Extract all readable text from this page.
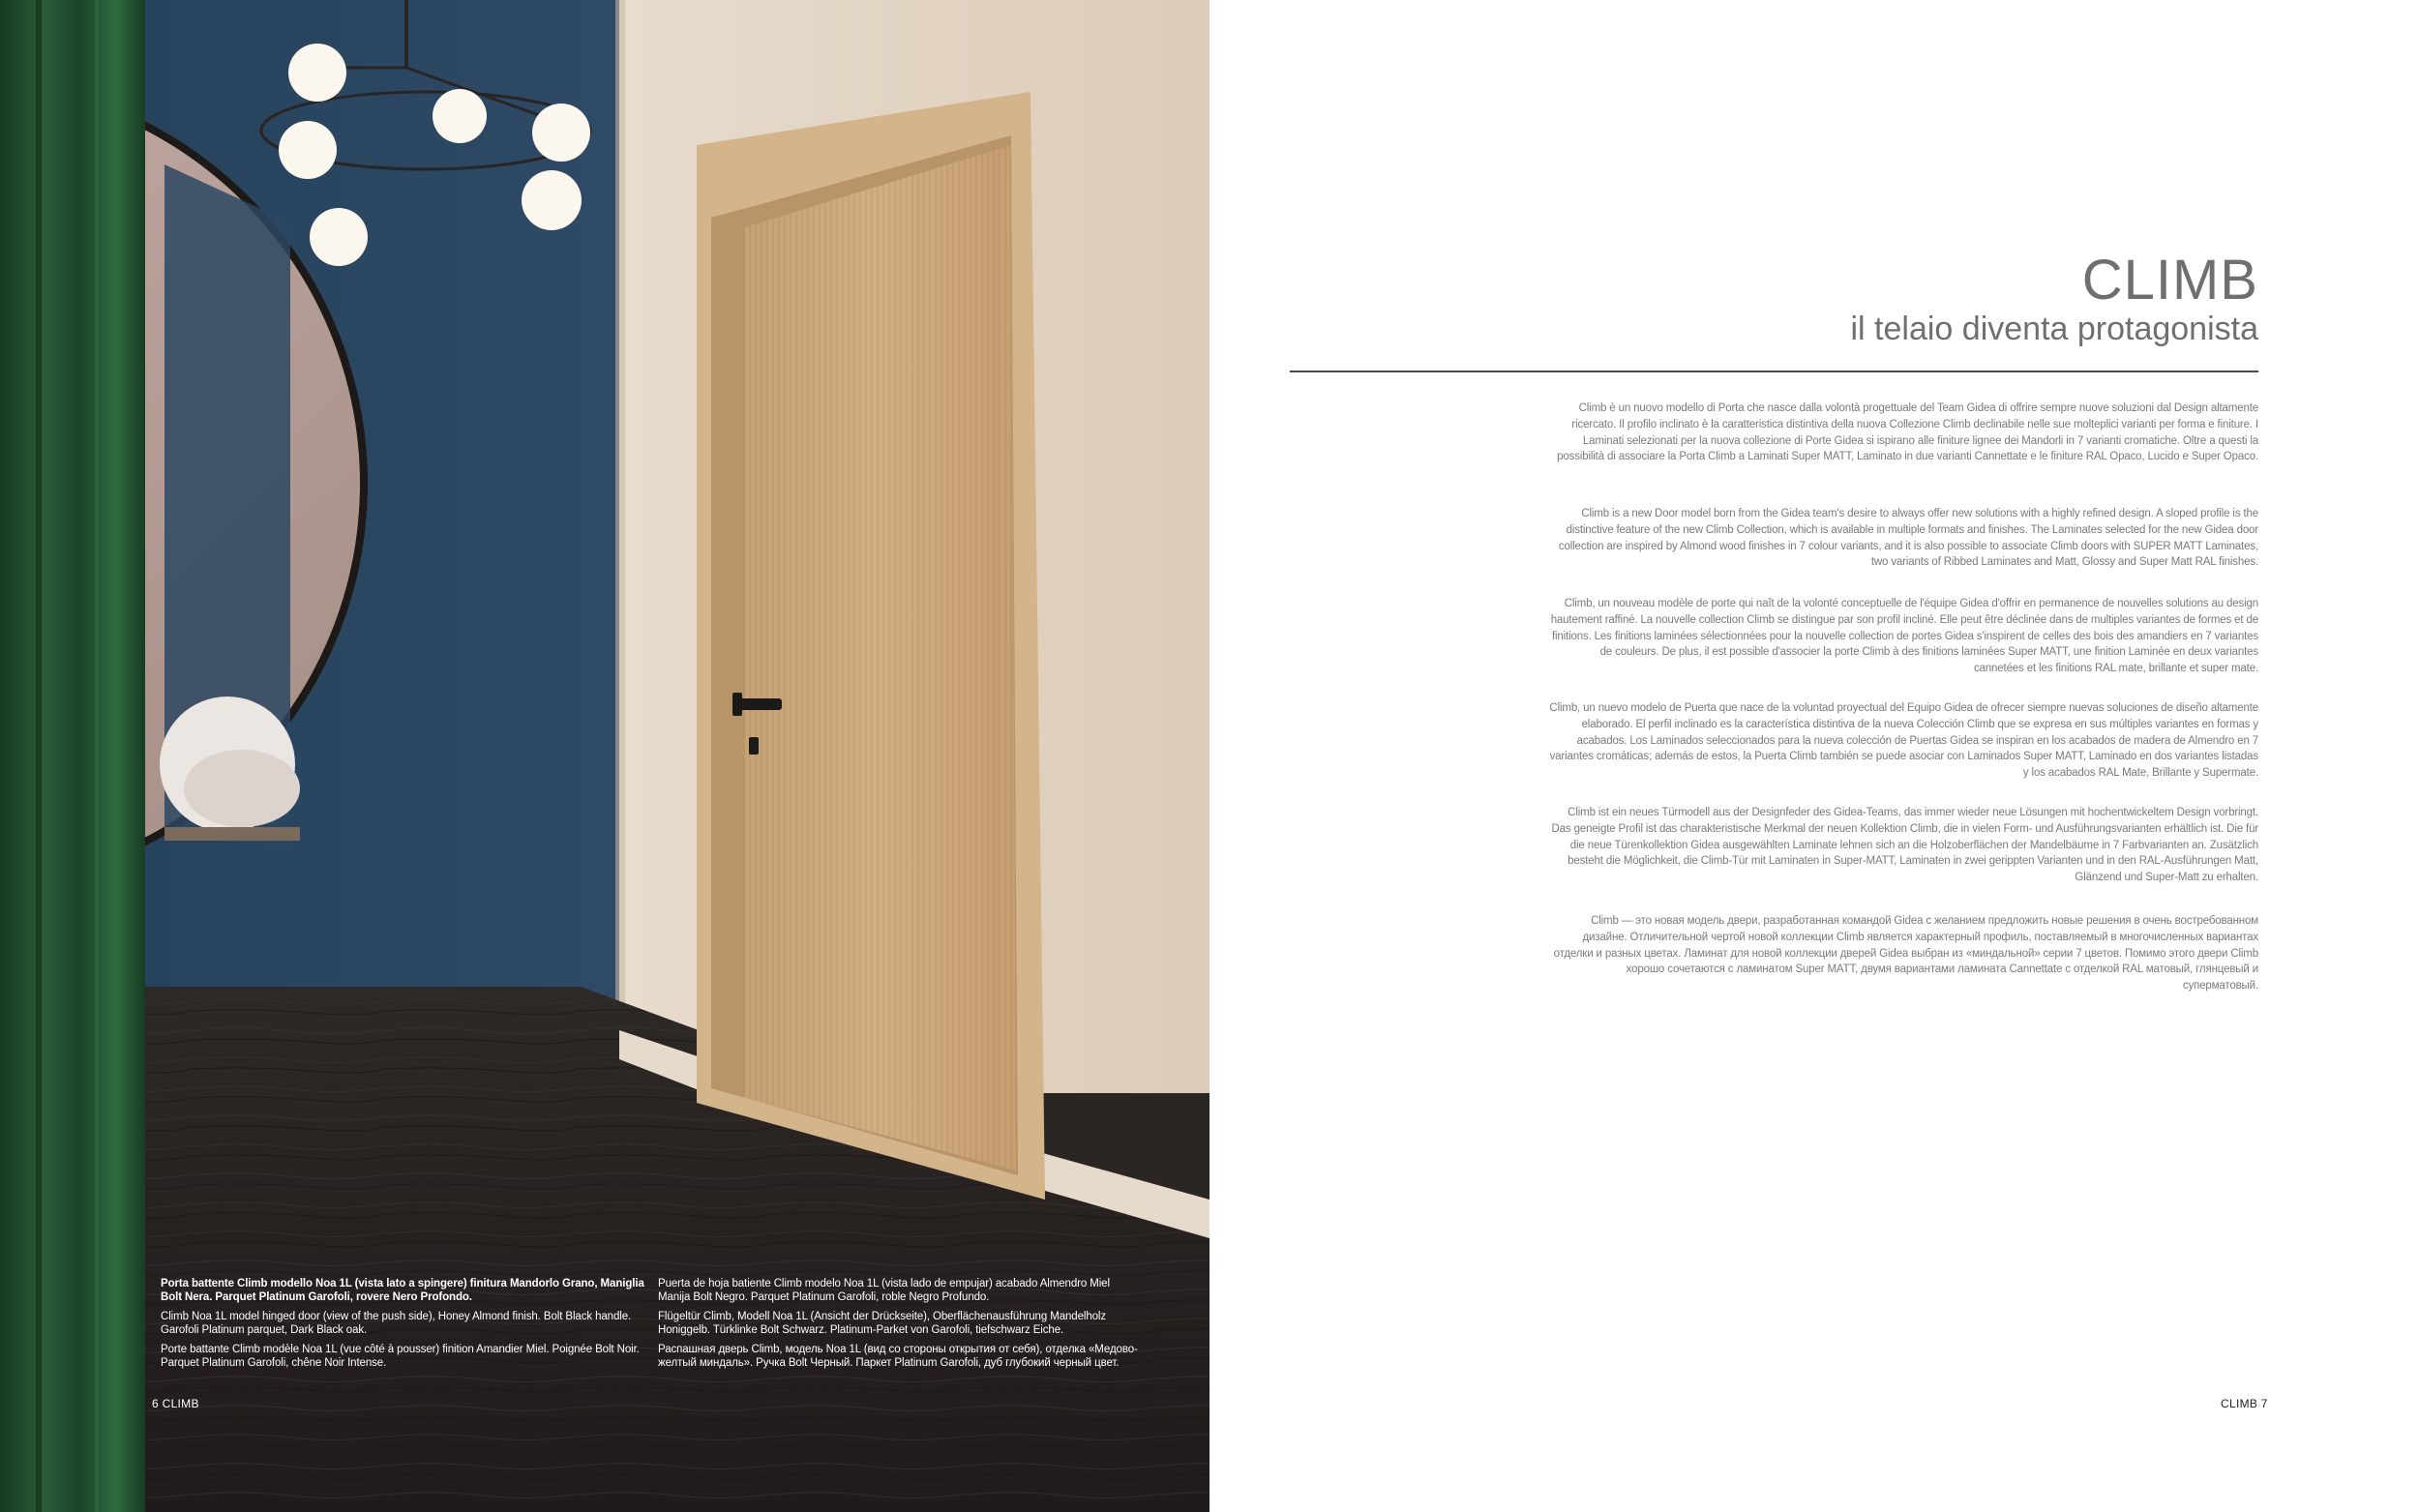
Porta battente Climb modello Noa 1L (vista lato a spingere) finitura Mandorlo Grano, Maniglia Bolt Nera. Parquet Platinum Garofoli, rovere Nero Profondo.

Climb Noa 1L model hinged door (view of the push side), Honey Almond finish. Bolt Black handle. Garofoli Platinum parquet, Dark Black oak.

Porte battante Climb modèle Noa 1L (vue côté à pousser) finition Amandier Miel. Poignée Bolt Noir. Parquet Platinum Garofoli, chêne Noir Intense.

Puerta de hoja batiente Climb modelo Noa 1L (vista lado de empujar) acabado Almendro Miel Manija Bolt Negro. Parquet Platinum Garofoli, roble Negro Profundo.

Flügeltür Climb, Modell Noa 1L (Ansicht der Drückseite), Oberflächenausführung Mandelholz Honiggelb. Türklinke Bolt Schwarz. Platinum-Parket von Garofoli, tiefschwarz Eiche.

Распашная дверь Climb, модель Noa 1L (вид со стороны открытия от себя), отделка «Медово-желтый миндаль». Ручка Bolt Черный. Паркет Platinum Garofoli, дуб глубокий черный цвет.

6 CLIMB
CLIMB
il telaio diventa protagonista

Climb è un nuovo modello di Porta che nasce dalla volontà progettuale del Team Gidea di offrire sempre nuove soluzioni dal Design altamente ricercato. Il profilo inclinato è la caratteristica distintiva della nuova Collezione Climb declinabile nelle sue molteplici varianti per forma e finiture. I Laminati selezionati per la nuova collezione di Porte Gidea si ispirano alle finiture lignee dei Mandorli in 7 varianti cromatiche. Oltre a questi la possibilità di associare la Porta Climb a Laminati Super MATT, Laminato in due varianti Cannettate e le finiture RAL Opaco, Lucido e Super Opaco.

Climb is a new Door model born from the Gidea team's desire to always offer new solutions with a highly refined design. A sloped profile is the distinctive feature of the new Climb Collection, which is available in multiple formats and finishes. The Laminates selected for the new Gidea door collection are inspired by Almond wood finishes in 7 colour variants, and it is also possible to associate Climb doors with SUPER MATT Laminates, two variants of Ribbed Laminates and Matt, Glossy and Super Matt RAL finishes.

Climb, un nouveau modèle de porte qui naît de la volonté conceptuelle de l'équipe Gidea d'offrir en permanence de nouvelles solutions au design hautement raffiné. La nouvelle collection Climb se distingue par son profil incliné. Elle peut être déclinée dans de multiples variantes de formes et de finitions. Les finitions laminées sélectionnées pour la nouvelle collection de portes Gidea s'inspirent de celles des bois des amandiers en 7 variantes de couleurs. De plus, il est possible d'associer la porte Climb à des finitions laminées Super MATT, une finition Laminée en deux variantes cannetées et les finitions RAL mate, brillante et super mate.

Climb, un nuevo modelo de Puerta que nace de la voluntad proyectual del Equipo Gidea de ofrecer siempre nuevas soluciones de diseño altamente elaborado. El perfil inclinado es la característica distintiva de la nueva Colección Climb que se expresa en sus múltiples variantes en formas y acabados. Los Laminados seleccionados para la nueva colección de Puertas Gidea se inspiran en los acabados de madera de Almendro en 7 variantes cromáticas; además de estos, la Puerta Climb también se puede asociar con Laminados Super MATT, Laminado en dos variantes listadas y los acabados RAL Mate, Brillante y Supermate.

Climb ist ein neues Türmodell aus der Designfeder des Gidea-Teams, das immer wieder neue Lösungen mit hochentwickeltem Design vorbringt. Das geneigte Profil ist das charakteristische Merkmal der neuen Kollektion Climb, die in vielen Form- und Ausführungsvarianten erhältlich ist. Die für die neue Türenkollektion Gidea ausgewählten Laminate lehnen sich an die Holzoberflächen der Mandelbäume in 7 Farbvarianten an. Zusätzlich besteht die Möglichkeit, die Climb-Tür mit Laminaten in Super-MATT, Laminaten in zwei gerippten Varianten und in den RAL-Ausführungen Matt, Glänzend und Super-Matt zu erhalten.

Climb — это новая модель двери, разработанная командой Gidea с желанием предложить новые решения в очень востребованном дизайне. Отличительной чертой новой коллекции Climb является характерный профиль, поставляемый в многочисленных вариантах отделки и разных цветах. Ламинат для новой коллекции дверей Gidea выбран из «миндальной» серии 7 цветов. Помимо этого двери Climb хорошо сочетаются с ламинатом Super MATT, двумя вариантами ламината Cannettate с отделкой RAL матовый, глянцевый и суперматовый.

CLIMB 7
